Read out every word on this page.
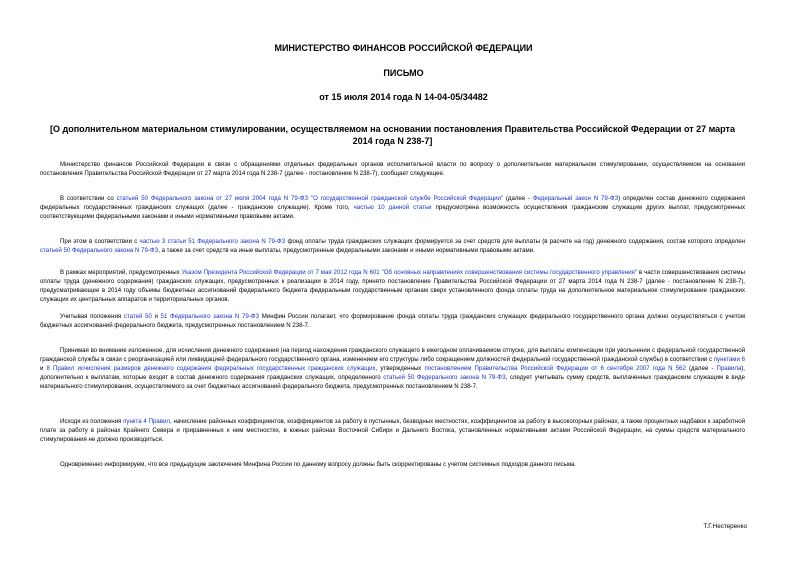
МИНИСТЕРСТВО ФИНАНСОВ РОССИЙСКОЙ ФЕДЕРАЦИИ
ПИСЬМО
от 15 июля 2014 года N 14-04-05/34482
[О дополнительном материальном стимулировании, осуществляемом на основании постановления Правительства Российской Федерации от 27 марта 2014 года N 238-7]

Министерство финансов Российской Федерации в связи с обращениями отдельных федеральных органов исполнительной власти по вопросу о дополнительном материальном стимулировании, осуществляемом на основании постановления Правительства Российской Федерации от 27 марта 2014 года N 238-7 (далее - постановление N 238-7), сообщает следующее.

В соответствии со статьей 50 Федерального закона от 27 июля 2004 года N 79-ФЗ "О государственной гражданской службе Российской Федерации" (далее - Федеральный закон N 79-ФЗ) определен состав денежного содержания федеральных государственных гражданских служащих (далее - гражданские служащие). Кроме того, частью 10 данной статьи предусмотрена возможность осуществления гражданским служащим других выплат, предусмотренных соответствующими федеральными законами и иными нормативными правовыми актами.

При этом в соответствии с частью 3 статьи 51 Федерального закона N 79-ФЗ фонд оплаты труда гражданских служащих формируется за счет средств для выплаты (в расчете на год) денежного содержания, состав которого определен статьей 50 Федерального закона N 79-ФЗ, а также за счет средств на иные выплаты, предусмотренные федеральными законами и иными нормативными правовыми актами.

В рамках мероприятий, предусмотренных Указом Президента Российской Федерации от 7 мая 2012 года N 601 "Об основных направлениях совершенствования системы государственного управления" в части совершенствования системы оплаты труда (денежного содержания) гражданских служащих, предусмотренных к реализации в 2014 году, принято постановление Правительства Российской Федерации от 27 марта 2014 года N 238-7 (далее - постановление N 238-7), предусматривающее в 2014 году объемы бюджетных ассигнований федерального бюджета федеральным государственным органам сверх установленного фонда оплаты труда на дополнительное материальное стимулирование гражданских служащих их центральных аппаратов и территориальных органов.

Учитывая положения статей 50 и 51 Федерального закона N 79-ФЗ Минфин России полагает, что формирование фонда оплаты труда гражданских служащих федерального государственного органа должно осуществляться с учетом бюджетных ассигнований федерального бюджета, предусмотренных постановлением N 238-7.

Принимая во внимание изложенное, для исчисления денежного содержания (на период нахождения гражданского служащего в ежегодном оплачиваемом отпуске, для выплаты компенсации при увольнении с федеральной государственной гражданской службы в связи с реорганизацией или ликвидацией федерального государственного органа, изменением его структуры либо сокращением должностей федеральной государственной гражданской службы) в соответствии с пунктами 6 и 8 Правил исчисления размеров денежного содержания федеральных государственных гражданских служащих, утвержденных постановлением Правительства Российской Федерации от 6 сентября 2007 года N 562 (далее - Правила), дополнительно к выплатам, которые входят в состав денежного содержания гражданских служащих, определенного статьей 50 Федерального закона N 79-ФЗ, следует учитывать сумму средств, выплаченных гражданским служащим в виде материального стимулирования, осуществляемого за счет бюджетных ассигнований федерального бюджета, предусмотренных постановлением N 238-7.

Исходя из положения пункта 4 Правил, начисление районных коэффициентов, коэффициентов за работу в пустынных, безводных местностях, коэффициентов за работу в высокогорных районах, а также процентных надбавок к заработной плате за работу в районах Крайнего Севера и приравненных к ним местностях, в южных районах Восточной Сибири и Дальнего Востока, установленных нормативными актами Российской Федерации, на суммы средств материального стимулирования не должно производиться.

Одновременно информируем, что все предыдущие заключения Минфина России по данному вопросу должны быть скорректированы с учетом системных подходов данного письма.

Т.Г.Нестеренко
